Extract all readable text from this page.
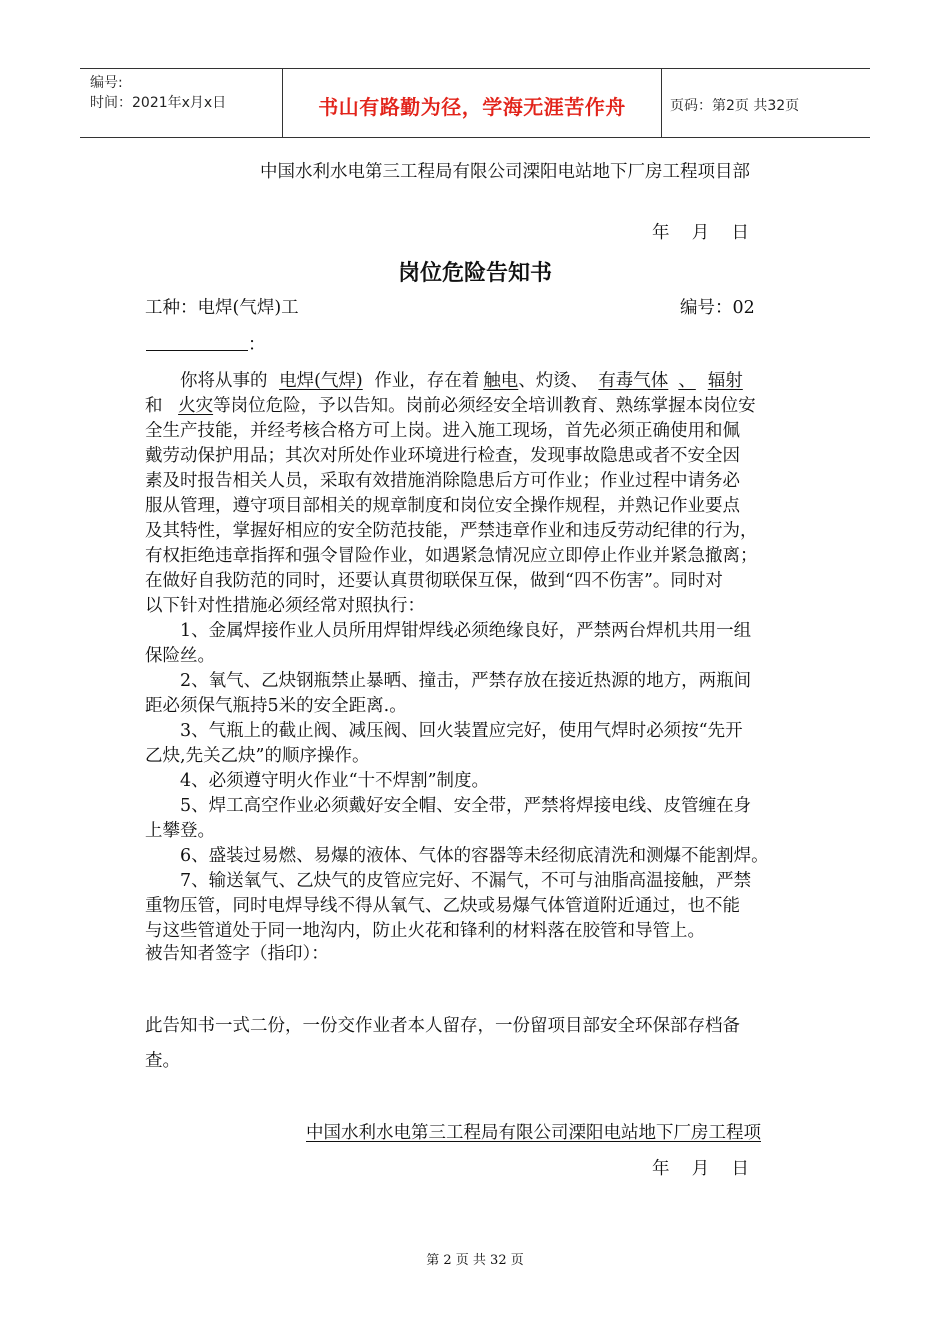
编号:
时间：2021年x月x日	书山有路勤为径，学海无涯苦作舟	页码：第2页 共32页
中国水利水电第三工程局有限公司溧阳电站地下厂房工程项目部
年    月    日
岗位危险告知书
工种：电焊(气焊)工	编号：02
：
你将从事的 电焊(气焊) 作业，存在着 触电、灼烫、 有毒气体 、 辐射
和 火灾等岗位危险，予以告知。岗前必须经安全培训教育、熟练掌握本岗位安
全生产技能，并经考核合格方可上岗。进入施工现场，首先必须正确使用和佩
戴劳动保护用品；其次对所处作业环境进行检查，发现事故隐患或者不安全因
素及时报告相关人员，采取有效措施消除隐患后方可作业；作业过程中请务必
服从管理，遵守项目部相关的规章制度和岗位安全操作规程，并熟记作业要点
及其特性，掌握好相应的安全防范技能，严禁违章作业和违反劳动纪律的行为，
有权拒绝违章指挥和强令冒险作业，如遇紧急情况应立即停止作业并紧急撤离；
在做好自我防范的同时，还要认真贯彻联保互保，做到“四不伤害”。同时对
以下针对性措施必须经常对照执行：
1、金属焊接作业人员所用焊钳焊线必须绝缘良好，严禁两台焊机共用一组
保险丝。
2、氧气、乙炔钢瓶禁止暴晒、撞击，严禁存放在接近热源的地方，两瓶间
距必须保气瓶持5米的安全距离.。
3、气瓶上的截止阀、减压阀、回火装置应完好，使用气焊时必须按“先开
乙炔,先关乙炔”的顺序操作。
4、必须遵守明火作业“十不焊割”制度。
5、焊工高空作业必须戴好安全帽、安全带，严禁将焊接电线、皮管缠在身
上攀登。
6、盛装过易燃、易爆的液体、气体的容器等未经彻底清洗和测爆不能割焊。
7、输送氧气、乙炔气的皮管应完好、不漏气，不可与油脂高温接触，严禁
重物压管，同时电焊导线不得从氧气、乙炔或易爆气体管道附近通过，也不能
与这些管道处于同一地沟内，防止火花和锋利的材料落在胶管和导管上。
被告知者签字（指印）：
此告知书一式二份，一份交作业者本人留存，一份留项目部安全环保部存档备
查。
中国水利水电第三工程局有限公司溧阳电站地下厂房工程项
年    月    日
第 2 页 共 32 页
